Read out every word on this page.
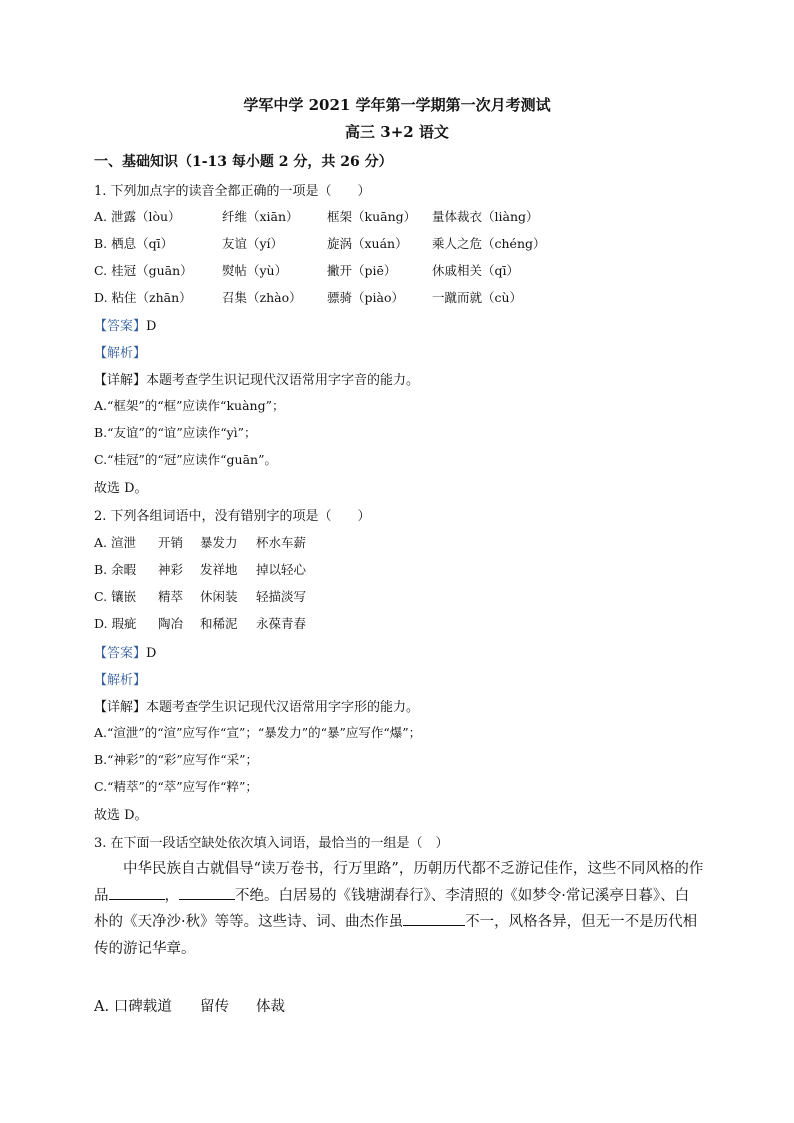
学军中学 2021 学年第一学期第一次月考测试
高三 3+2 语文
一、基础知识（1-13 每小题 2 分，共 26 分）
1. 下列加点字的读音全都正确的一项是（　　）
A. 泄露（lòu）	纤维（xiān） 框架（kuāng） 量体裁衣（liàng）
B. 栖息（qī）	友谊（yí）	旋涡（xuán） 乘人之危（chéng）
C. 桂冠（guān） 熨帖（yù）	撇开（piē）	休戚相关（qī）
D. 粘住（zhān） 召集（zhào） 骠骑（piào） 一蹴而就（cù）
【答案】D
【解析】
【详解】本题考查学生识记现代汉语常用字字音的能力。
A.“框架”的“框”应读作“kuàng”；
B.“友谊”的“谊”应读作“yì”；
C.“桂冠”的“冠”应读作“guān”。
故选 D。
2. 下列各组词语中，没有错别字的项是（　　）
A. 渲泄 开销 暴发力 杯水车薪
B. 余暇 神彩 发祥地 掉以轻心
C. 镶嵌 精萃 休闲装 轻描淡写
D. 瑕疵 陶冶 和稀泥 永葆青春
【答案】D
【解析】
【详解】本题考查学生识记现代汉语常用字字形的能力。
A.“渲泄”的“渲”应写作“宣”；“暴发力”的“暴”应写作“爆”；
B.“神彩”的“彩”应写作“采”；
C.“精萃”的“萃”应写作“粹”；
故选 D。
3. 在下面一段话空缺处依次填入词语，最恰当的一组是（　）
中华民族自古就倡导“读万卷书，行万里路”，历朝历代都不乏游记佳作，这些不同风格的作
品	，	不绝。白居易的《钱塘湖春行》、李清照的《如梦令·常记溪亭日暮》、白
朴的《天净沙·秋》等等。这些诗、词、曲杰作虽	不一，风格各异，但无一不是历代相
传的游记华章。
A. 口碑载道 留传 体裁
